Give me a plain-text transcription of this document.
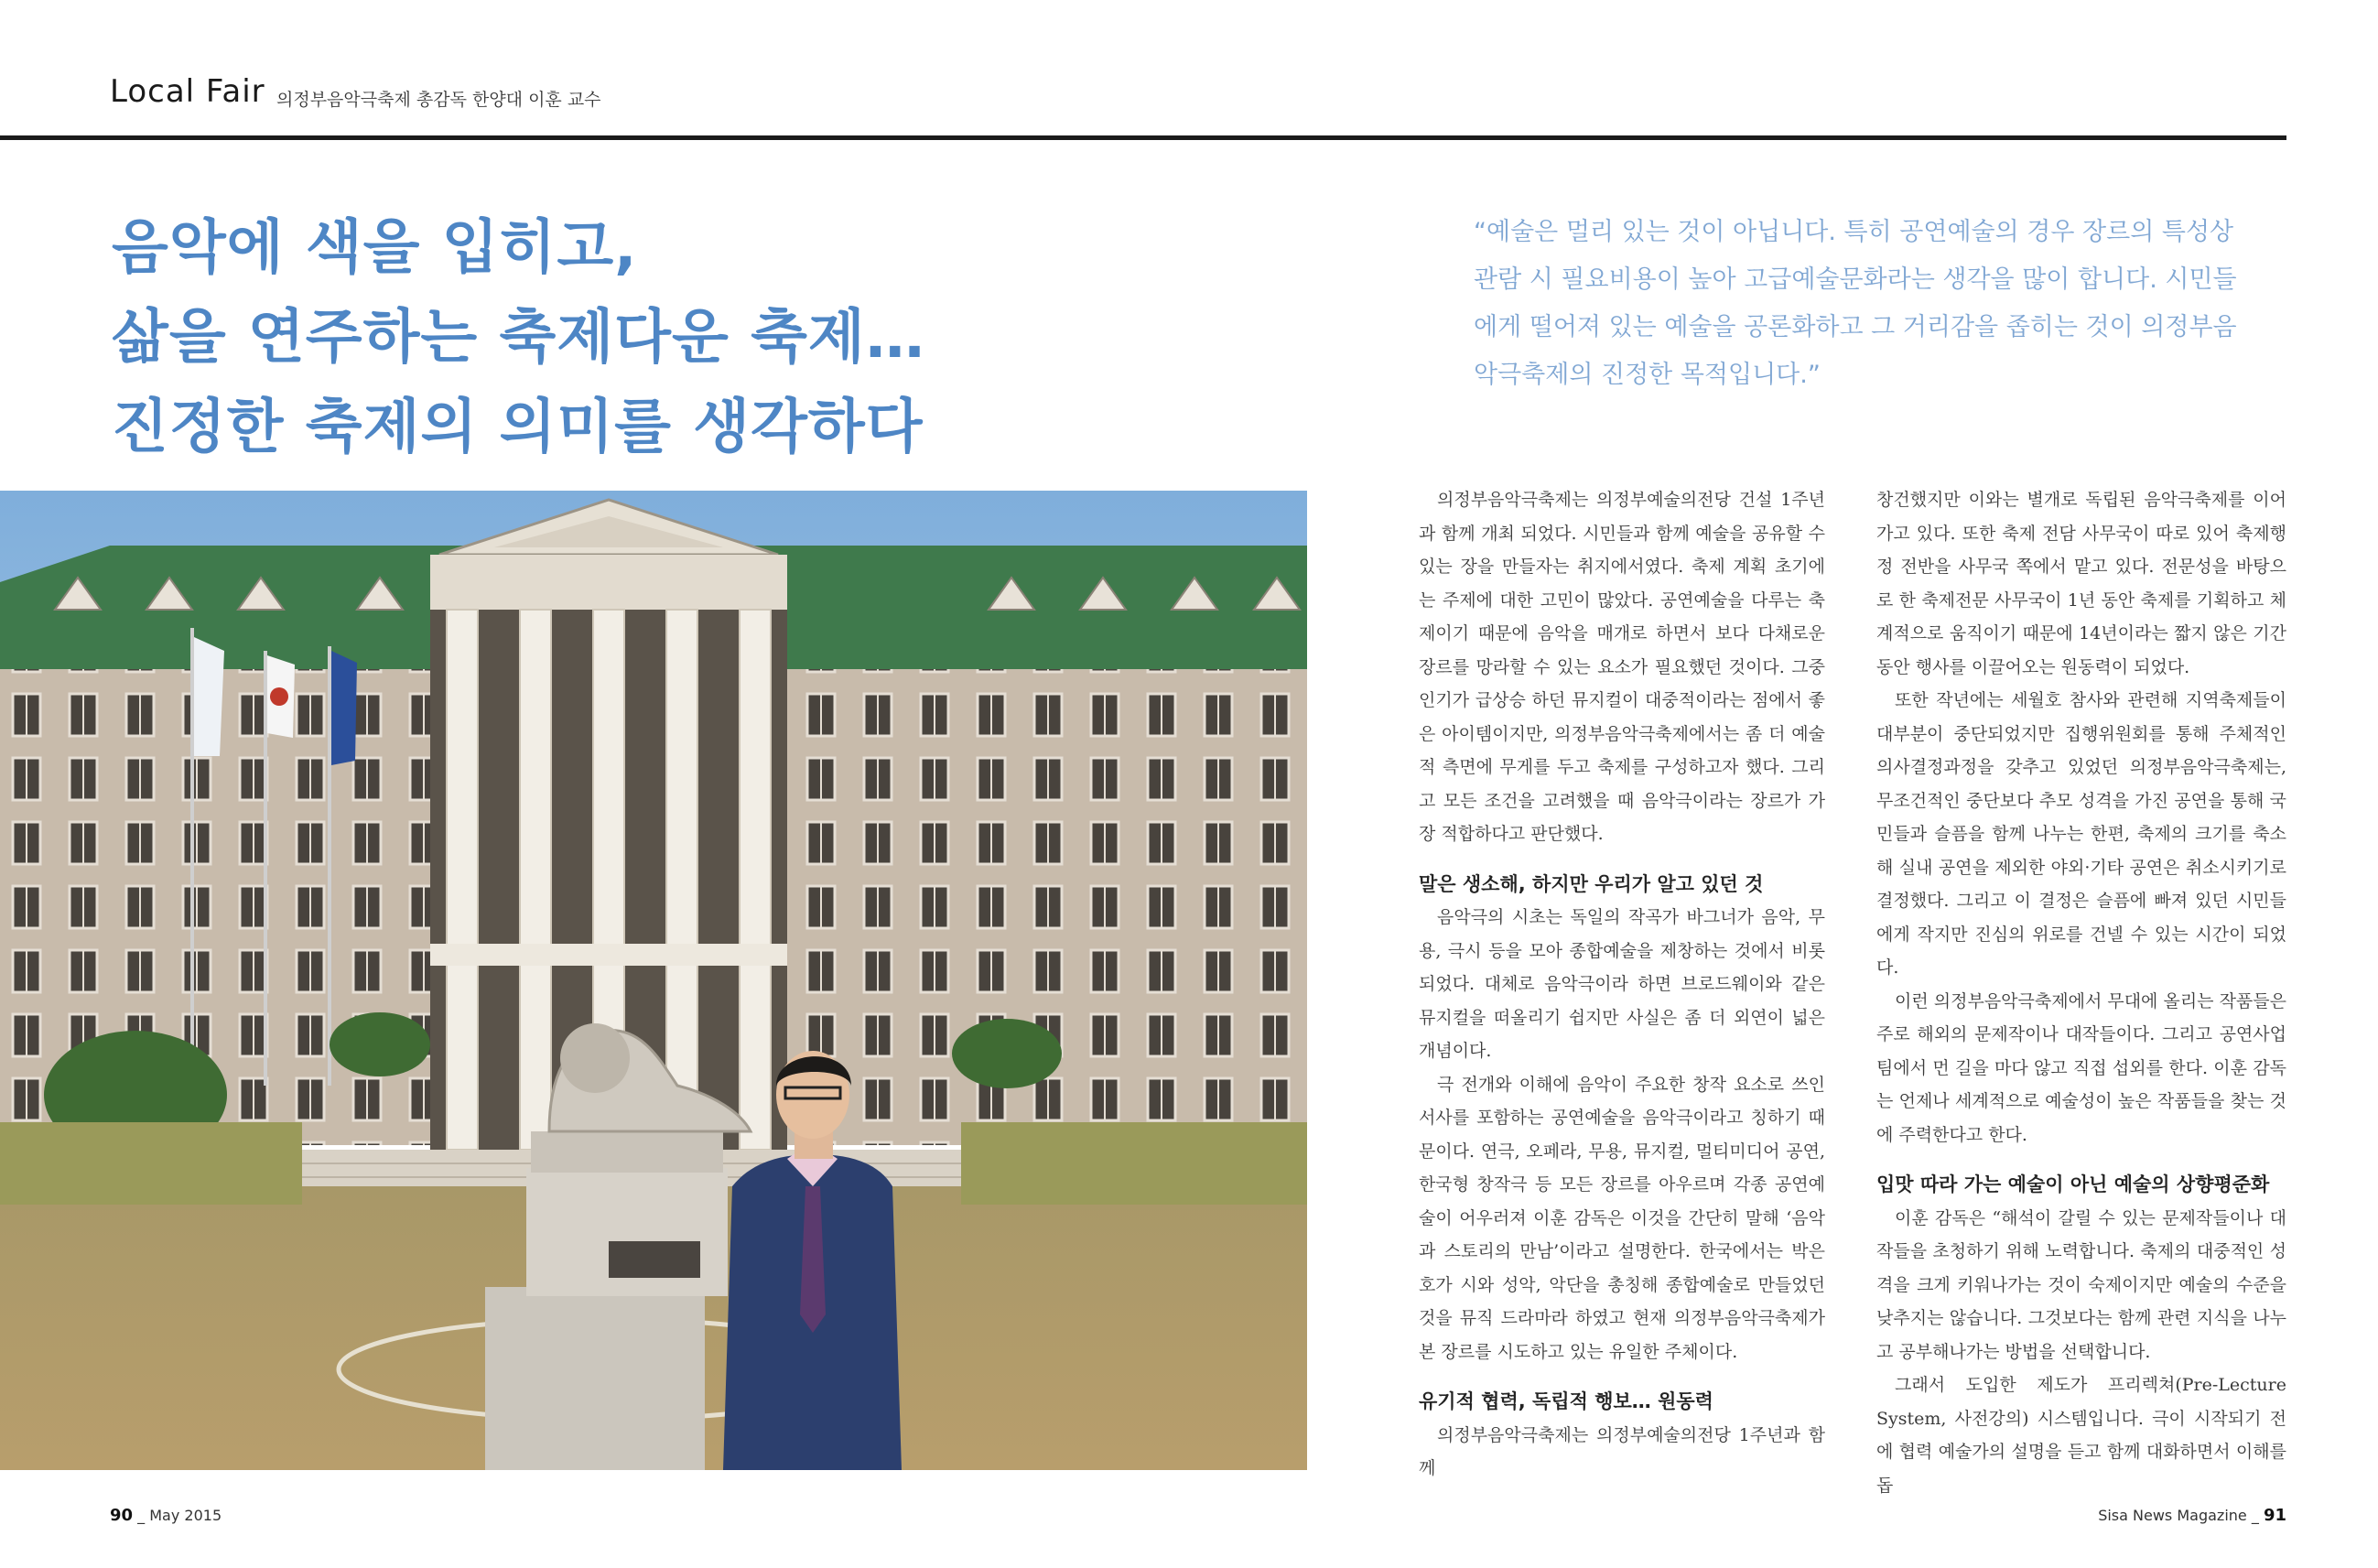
Local Fair 의정부음악극축제 총감독 한양대 이훈 교수
음악에 색을 입히고,
삶을 연주하는 축제다운 축제…
진정한 축제의 의미를 생각하다
“예술은 멀리 있는 것이 아닙니다. 특히 공연예술의 경우 장르의 특성상
관람 시 필요비용이 높아 고급예술문화라는 생각을 많이 합니다. 시민들
에게 떨어져 있는 예술을 공론화하고 그 거리감을 좁히는 것이 의정부음
악극축제의 진정한 목적입니다.”

의정부음악극축제는 의정부예술의전당 건설 1주년과 함께 개최 되었다. 시민들과 함께 예술을 공유할 수 있는 장을 만들자는 취지에서였다. 축제 계획 초기에는 주제에 대한 고민이 많았다. 공연예술을 다루는 축제이기 때문에 음악을 매개로 하면서 보다 다채로운 장르를 망라할 수 있는 요소가 필요했던 것이다. 그중 인기가 급상승 하던 뮤지컬이 대중적이라는 점에서 좋은 아이템이지만, 의정부음악극축제에서는 좀 더 예술적 측면에 무게를 두고 축제를 구성하고자 했다. 그리고 모든 조건을 고려했을 때 음악극이라는 장르가 가장 적합하다고 판단했다.

말은 생소해, 하지만 우리가 알고 있던 것

음악극의 시초는 독일의 작곡가 바그너가 음악, 무용, 극시 등을 모아 종합예술을 제창하는 것에서 비롯되었다. 대체로 음악극이라 하면 브로드웨이와 같은 뮤지컬을 떠올리기 쉽지만 사실은 좀 더 외연이 넓은 개념이다.

극 전개와 이해에 음악이 주요한 창작 요소로 쓰인 서사를 포함하는 공연예술을 음악극이라고 칭하기 때문이다. 연극, 오페라, 무용, 뮤지컬, 멀티미디어 공연, 한국형 창작극 등 모든 장르를 아우르며 각종 공연예술이 어우러져 이훈 감독은 이것을 간단히 말해 ‘음악과 스토리의 만남’이라고 설명한다. 한국에서는 박은호가 시와 성악, 악단을 총칭해 종합예술로 만들었던 것을 뮤직 드라마라 하였고 현재 의정부음악극축제가 본 장르를 시도하고 있는 유일한 주체이다.

유기적 협력, 독립적 행보… 원동력

의정부음악극축제는 의정부예술의전당 1주년과 함께

창건했지만 이와는 별개로 독립된 음악극축제를 이어가고 있다. 또한 축제 전담 사무국이 따로 있어 축제행정 전반을 사무국 쪽에서 맡고 있다. 전문성을 바탕으로 한 축제전문 사무국이 1년 동안 축제를 기획하고 체계적으로 움직이기 때문에 14년이라는 짧지 않은 기간 동안 행사를 이끌어오는 원동력이 되었다.

또한 작년에는 세월호 참사와 관련해 지역축제들이 대부분이 중단되었지만 집행위원회를 통해 주체적인 의사결정과정을 갖추고 있었던 의정부음악극축제는, 무조건적인 중단보다 추모 성격을 가진 공연을 통해 국민들과 슬픔을 함께 나누는 한편, 축제의 크기를 축소해 실내 공연을 제외한 야외·기타 공연은 취소시키기로 결정했다. 그리고 이 결정은 슬픔에 빠져 있던 시민들에게 작지만 진심의 위로를 건넬 수 있는 시간이 되었다.

이런 의정부음악극축제에서 무대에 올리는 작품들은 주로 해외의 문제작이나 대작들이다. 그리고 공연사업팀에서 먼 길을 마다 않고 직접 섭외를 한다. 이훈 감독는 언제나 세계적으로 예술성이 높은 작품들을 찾는 것에 주력한다고 한다.

입맛 따라 가는 예술이 아닌 예술의 상향평준화

이훈 감독은 “해석이 갈릴 수 있는 문제작들이나 대작들을 초청하기 위해 노력합니다. 축제의 대중적인 성격을 크게 키워나가는 것이 숙제이지만 예술의 수준을 낮추지는 않습니다. 그것보다는 함께 관련 지식을 나누고 공부해나가는 방법을 선택합니다.

그래서 도입한 제도가 프리렉쳐(Pre-Lecture System, 사전강의) 시스템입니다. 극이 시작되기 전에 협력 예술가의 설명을 듣고 함께 대화하면서 이해를 돕

90 _ May 2015	Sisa News Magazine _ 91
